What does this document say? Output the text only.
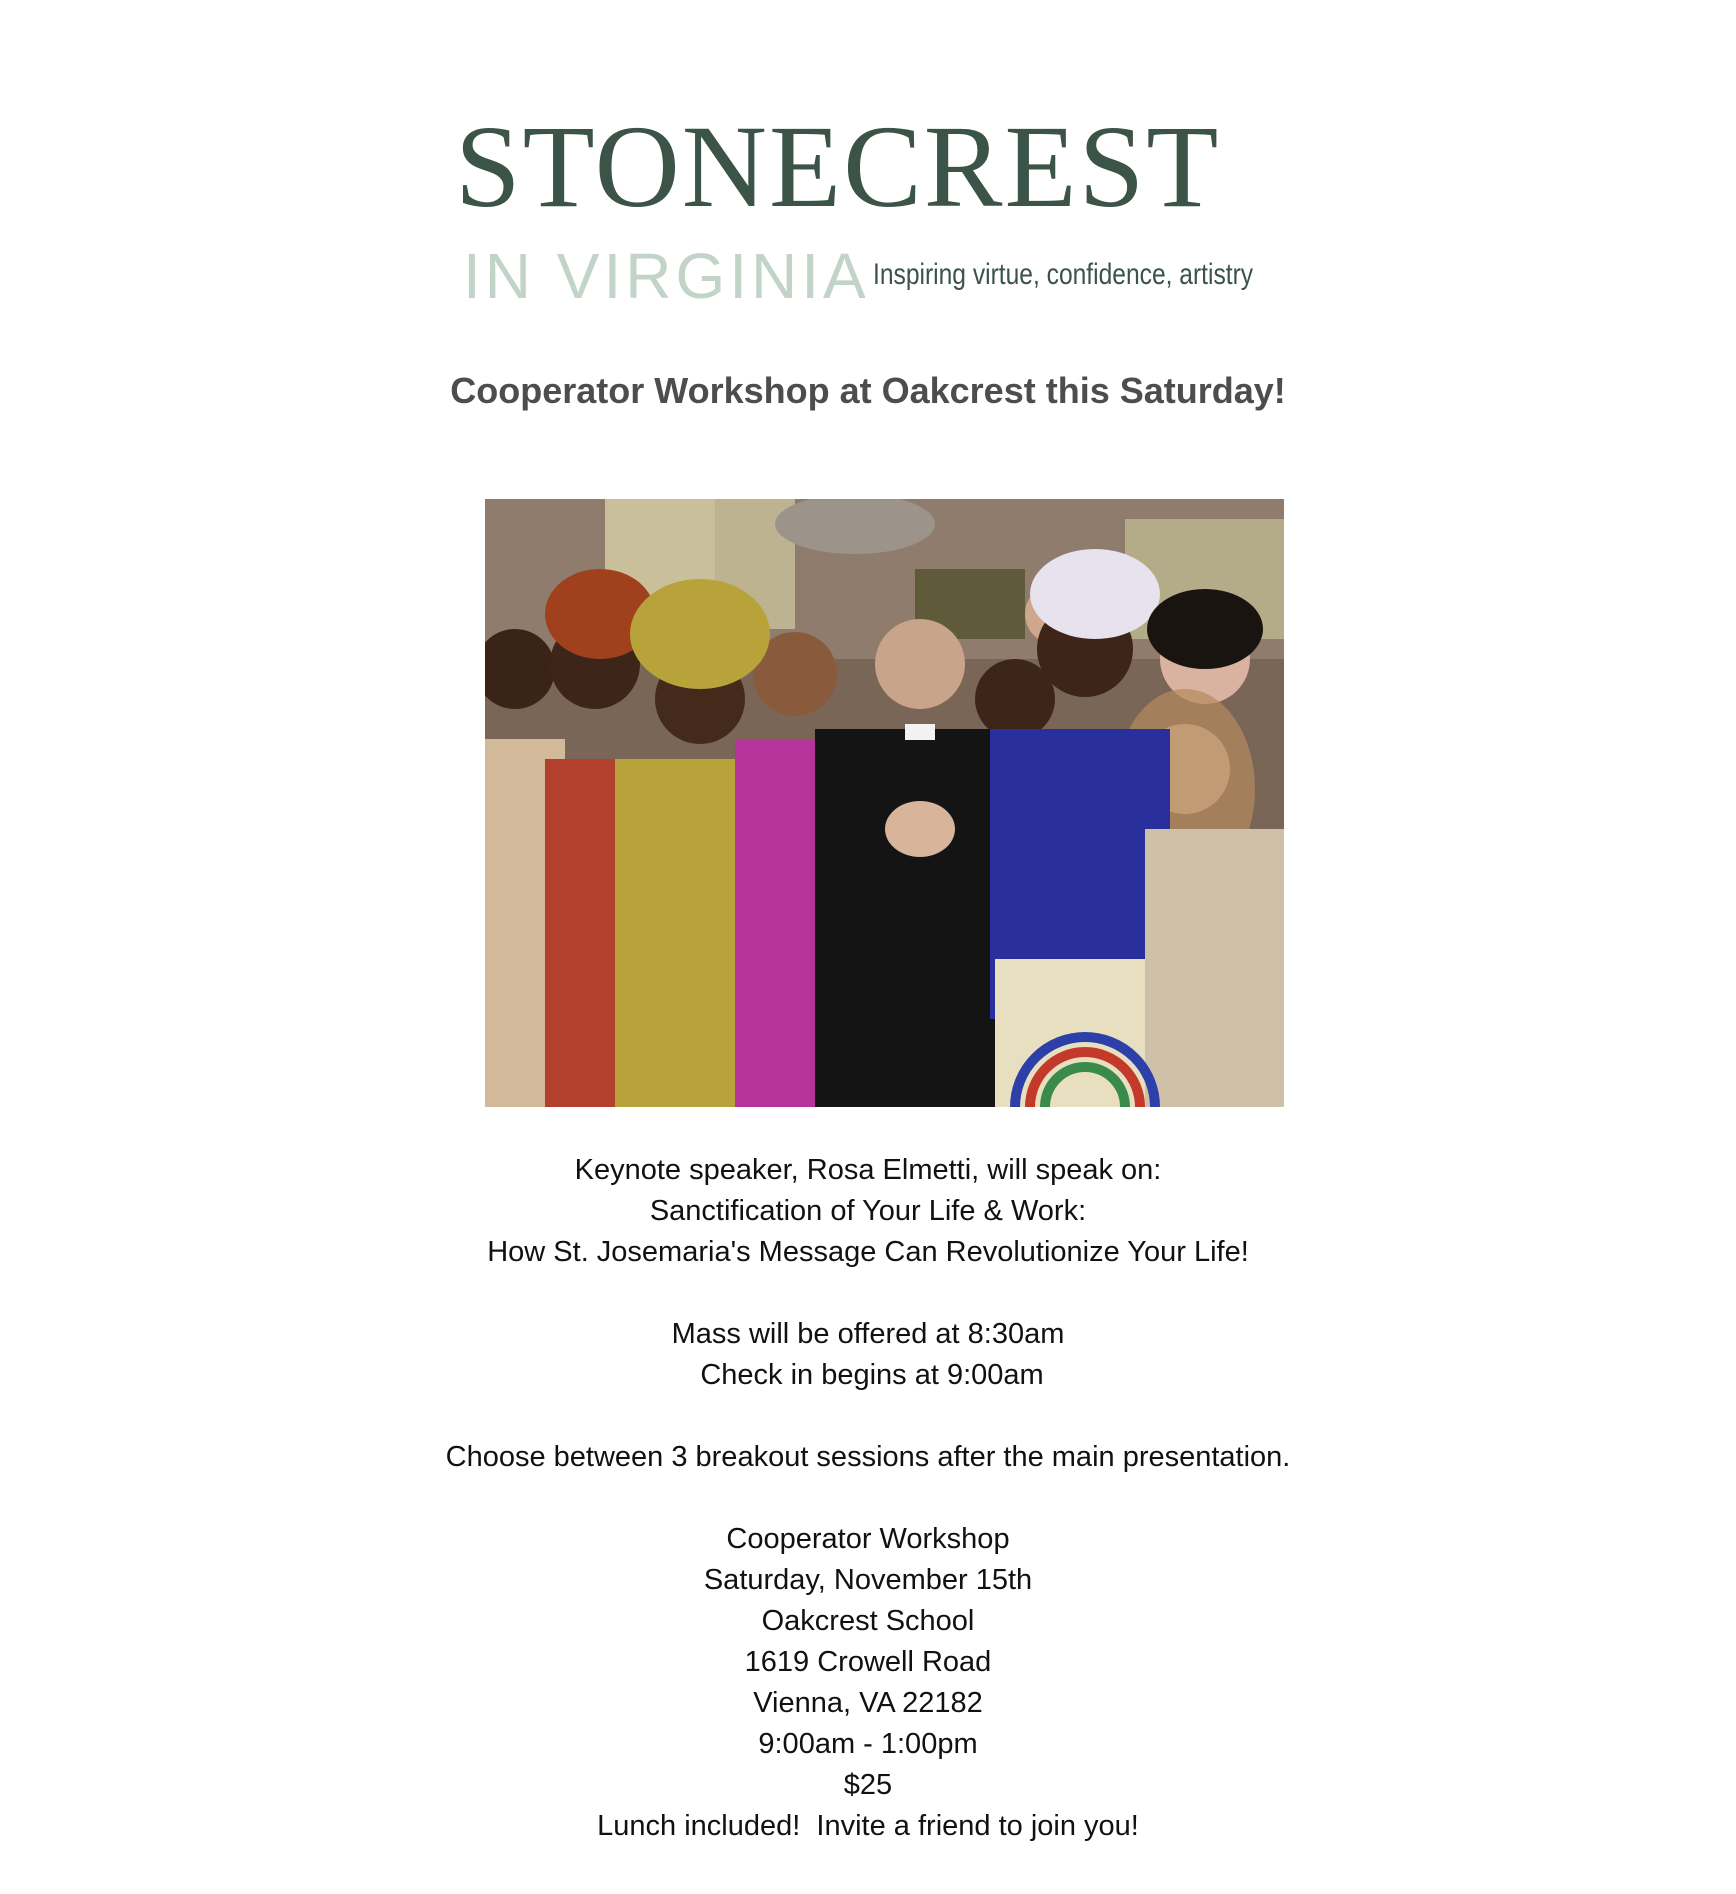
STONECREST
IN VIRGINIA Inspiring virtue, confidence, artistry
Cooperator Workshop at Oakcrest this Saturday!
Keynote speaker, Rosa Elmetti, will speak on:
Sanctification of Your Life & Work:
How St. Josemaria's Message Can Revolutionize Your Life!
Mass will be offered at 8:30am
Check in begins at 9:00am
Choose between 3 breakout sessions after the main presentation.
Cooperator Workshop
Saturday, November 15th
Oakcrest School
1619 Crowell Road
Vienna, VA 22182
9:00am - 1:00pm
$25
Lunch included!  Invite a friend to join you!
